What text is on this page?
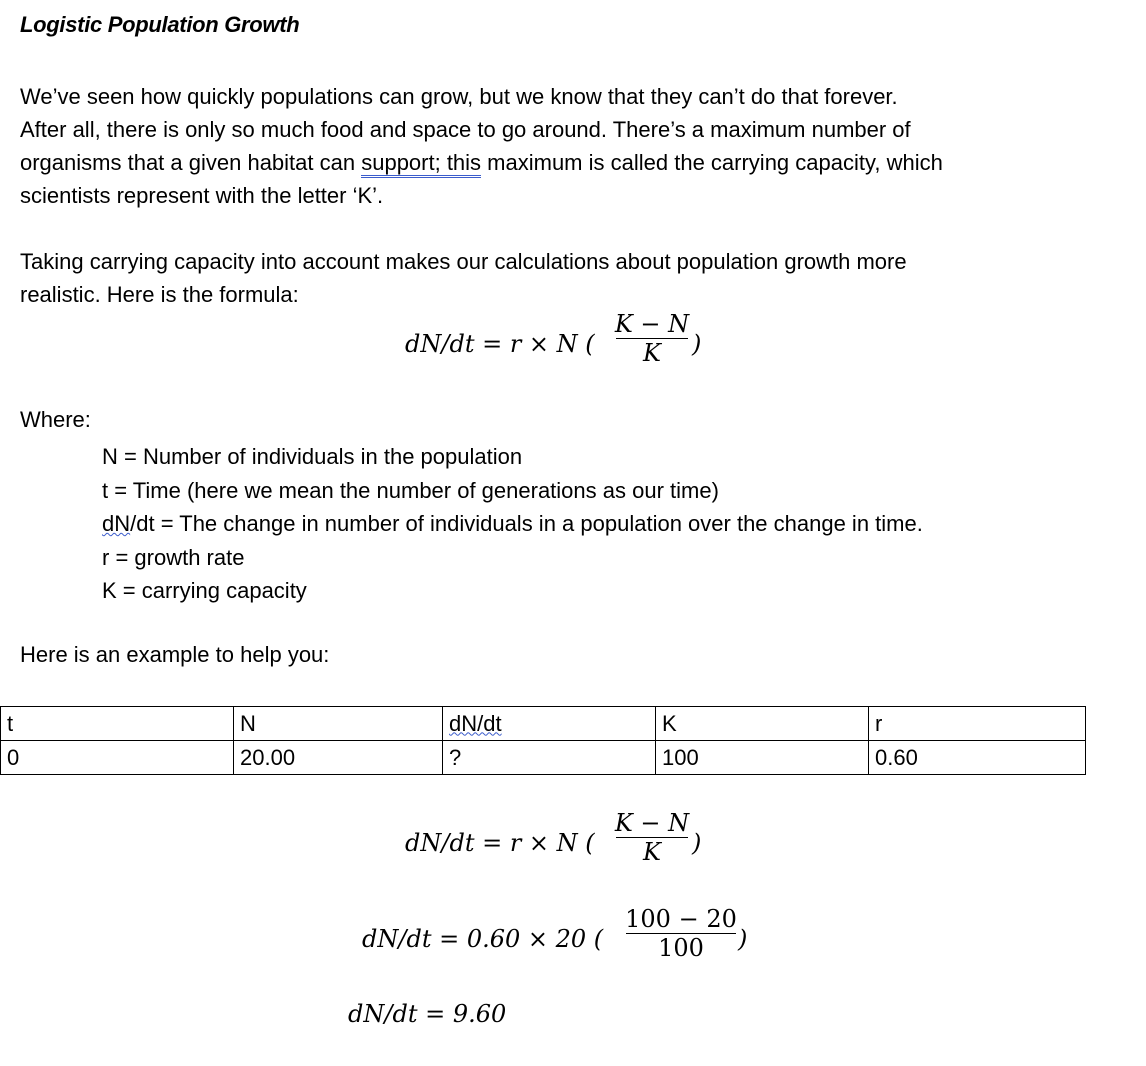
Logistic Population Growth
We’ve seen how quickly populations can grow, but we know that they can’t do that forever.
After all, there is only so much food and space to go around. There’s a maximum number of
organisms that a given habitat can support; this maximum is called the carrying capacity, which
scientists represent with the letter ‘K’.
Taking carrying capacity into account makes our calculations about population growth more
realistic. Here is the formula:
dN/dt = r × N (
K − N
K	)
Where:
N = Number of individuals in the population
t = Time (here we mean the number of generations as our time)
dN/dt = The change in number of individuals in a population over the change in time.
r = growth rate
K = carrying capacity
Here is an example to help you:
t	N	dN/dt	K	r
0	20.00	?	100	0.60
dN/dt = r × N (
K − N
K	)
dN/dt = 0.60 × 20 (
100 − 20
100	)
dN/dt = 9.60
